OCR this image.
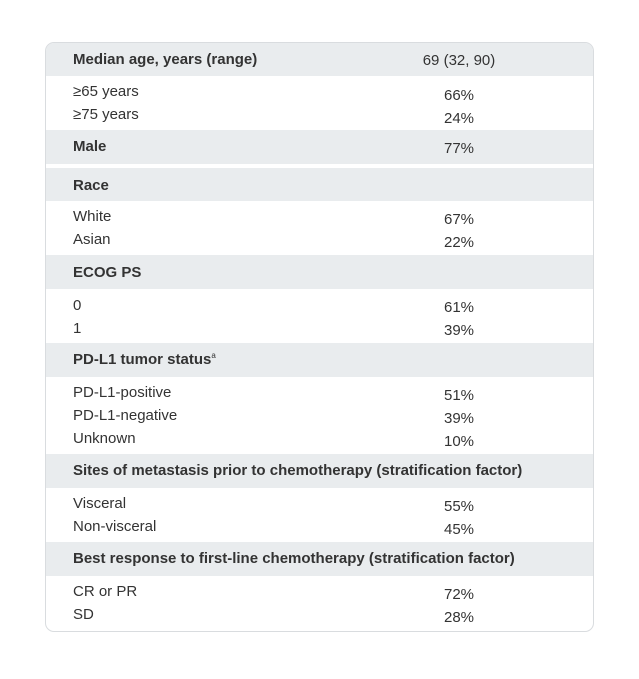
Median age, years (range)	69 (32, 90)
≥65 years	66%
≥75 years	24%
Male	77%
Race
White	67%
Asian	22%
ECOG PS
0	61%
1	39%
PD-L1 tumor status$^a$
PD-L1-positive	51%
PD-L1-negative	39%
Unknown	10%
Sites of metastasis prior to chemotherapy (stratification factor)
Visceral	55%
Non-visceral	45%
Best response to first-line chemotherapy (stratification factor)
CR or PR	72%
SD	28%
